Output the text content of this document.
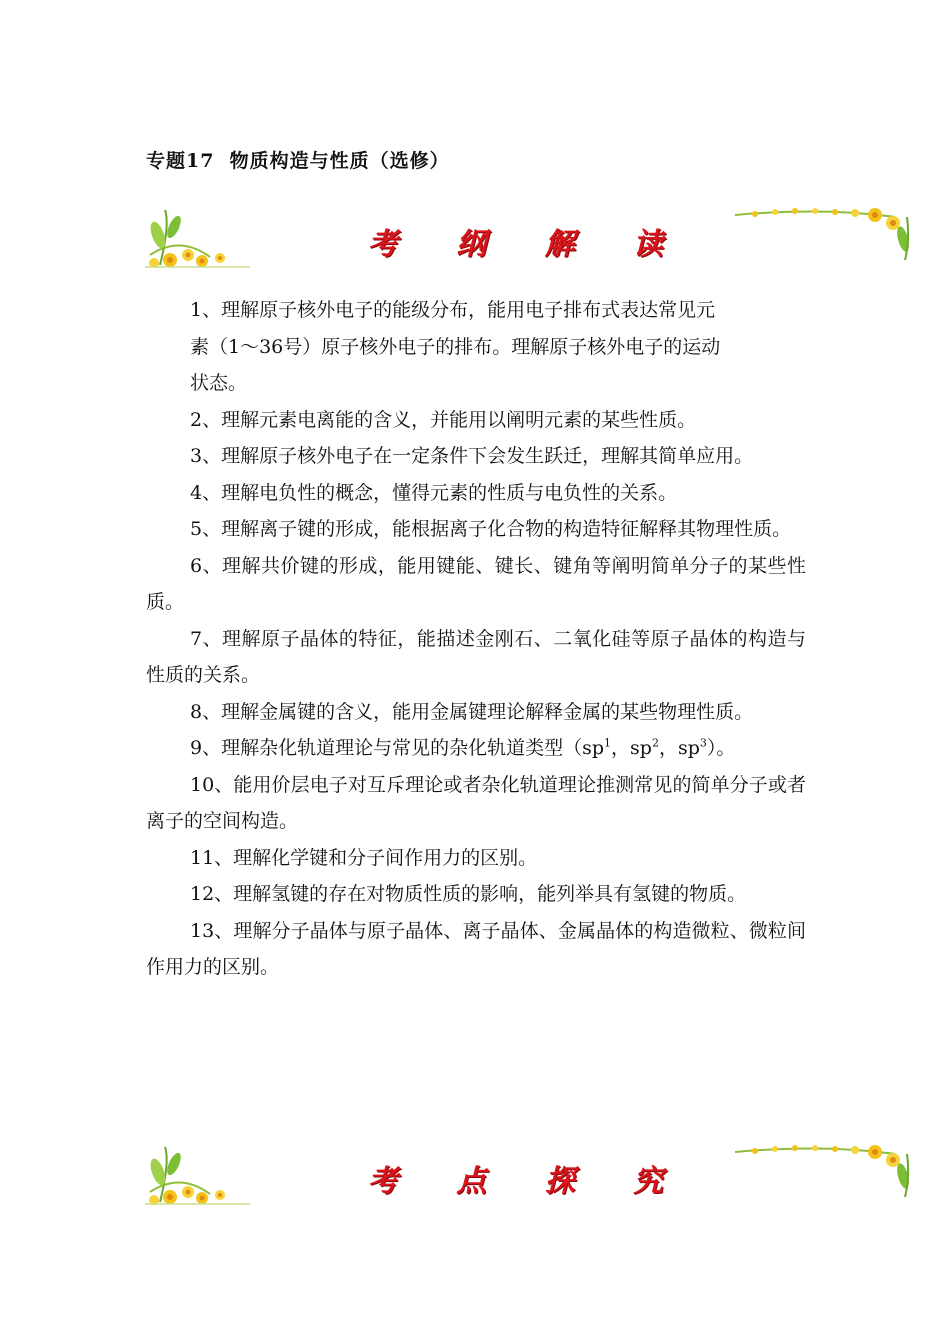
专题17  物质构造与性质（选修）
考 纲 解 读

1、理解原子核外电子的能级分布，能用电子排布式表达常见元
素（1～36号）原子核外电子的排布。理解原子核外电子的运动
状态。

2、理解元素电离能的含义，并能用以阐明元素的某些性质。

3、理解原子核外电子在一定条件下会发生跃迁，理解其简单应用。

4、理解电负性的概念，懂得元素的性质与电负性的关系。

5、理解离子键的形成，能根据离子化合物的构造特征解释其物理性质。

6、理解共价键的形成，能用键能、键长、键角等阐明简单分子的某些性质。

7、理解原子晶体的特征，能描述金刚石、二氧化硅等原子晶体的构造与性质的关系。

8、理解金属键的含义，能用金属键理论解释金属的某些物理性质。

9、理解杂化轨道理论与常见的杂化轨道类型（$sp^1$，$sp^2$，$sp^3$）。

10、能用价层电子对互斥理论或者杂化轨道理论推测常见的简单分子或者离子的空间构造。

11、理解化学键和分子间作用力的区别。

12、理解氢键的存在对物质性质的影响，能列举具有氢键的物质。

13、理解分子晶体与原子晶体、离子晶体、金属晶体的构造微粒、微粒间作用力的区别。

考 点 探 究
